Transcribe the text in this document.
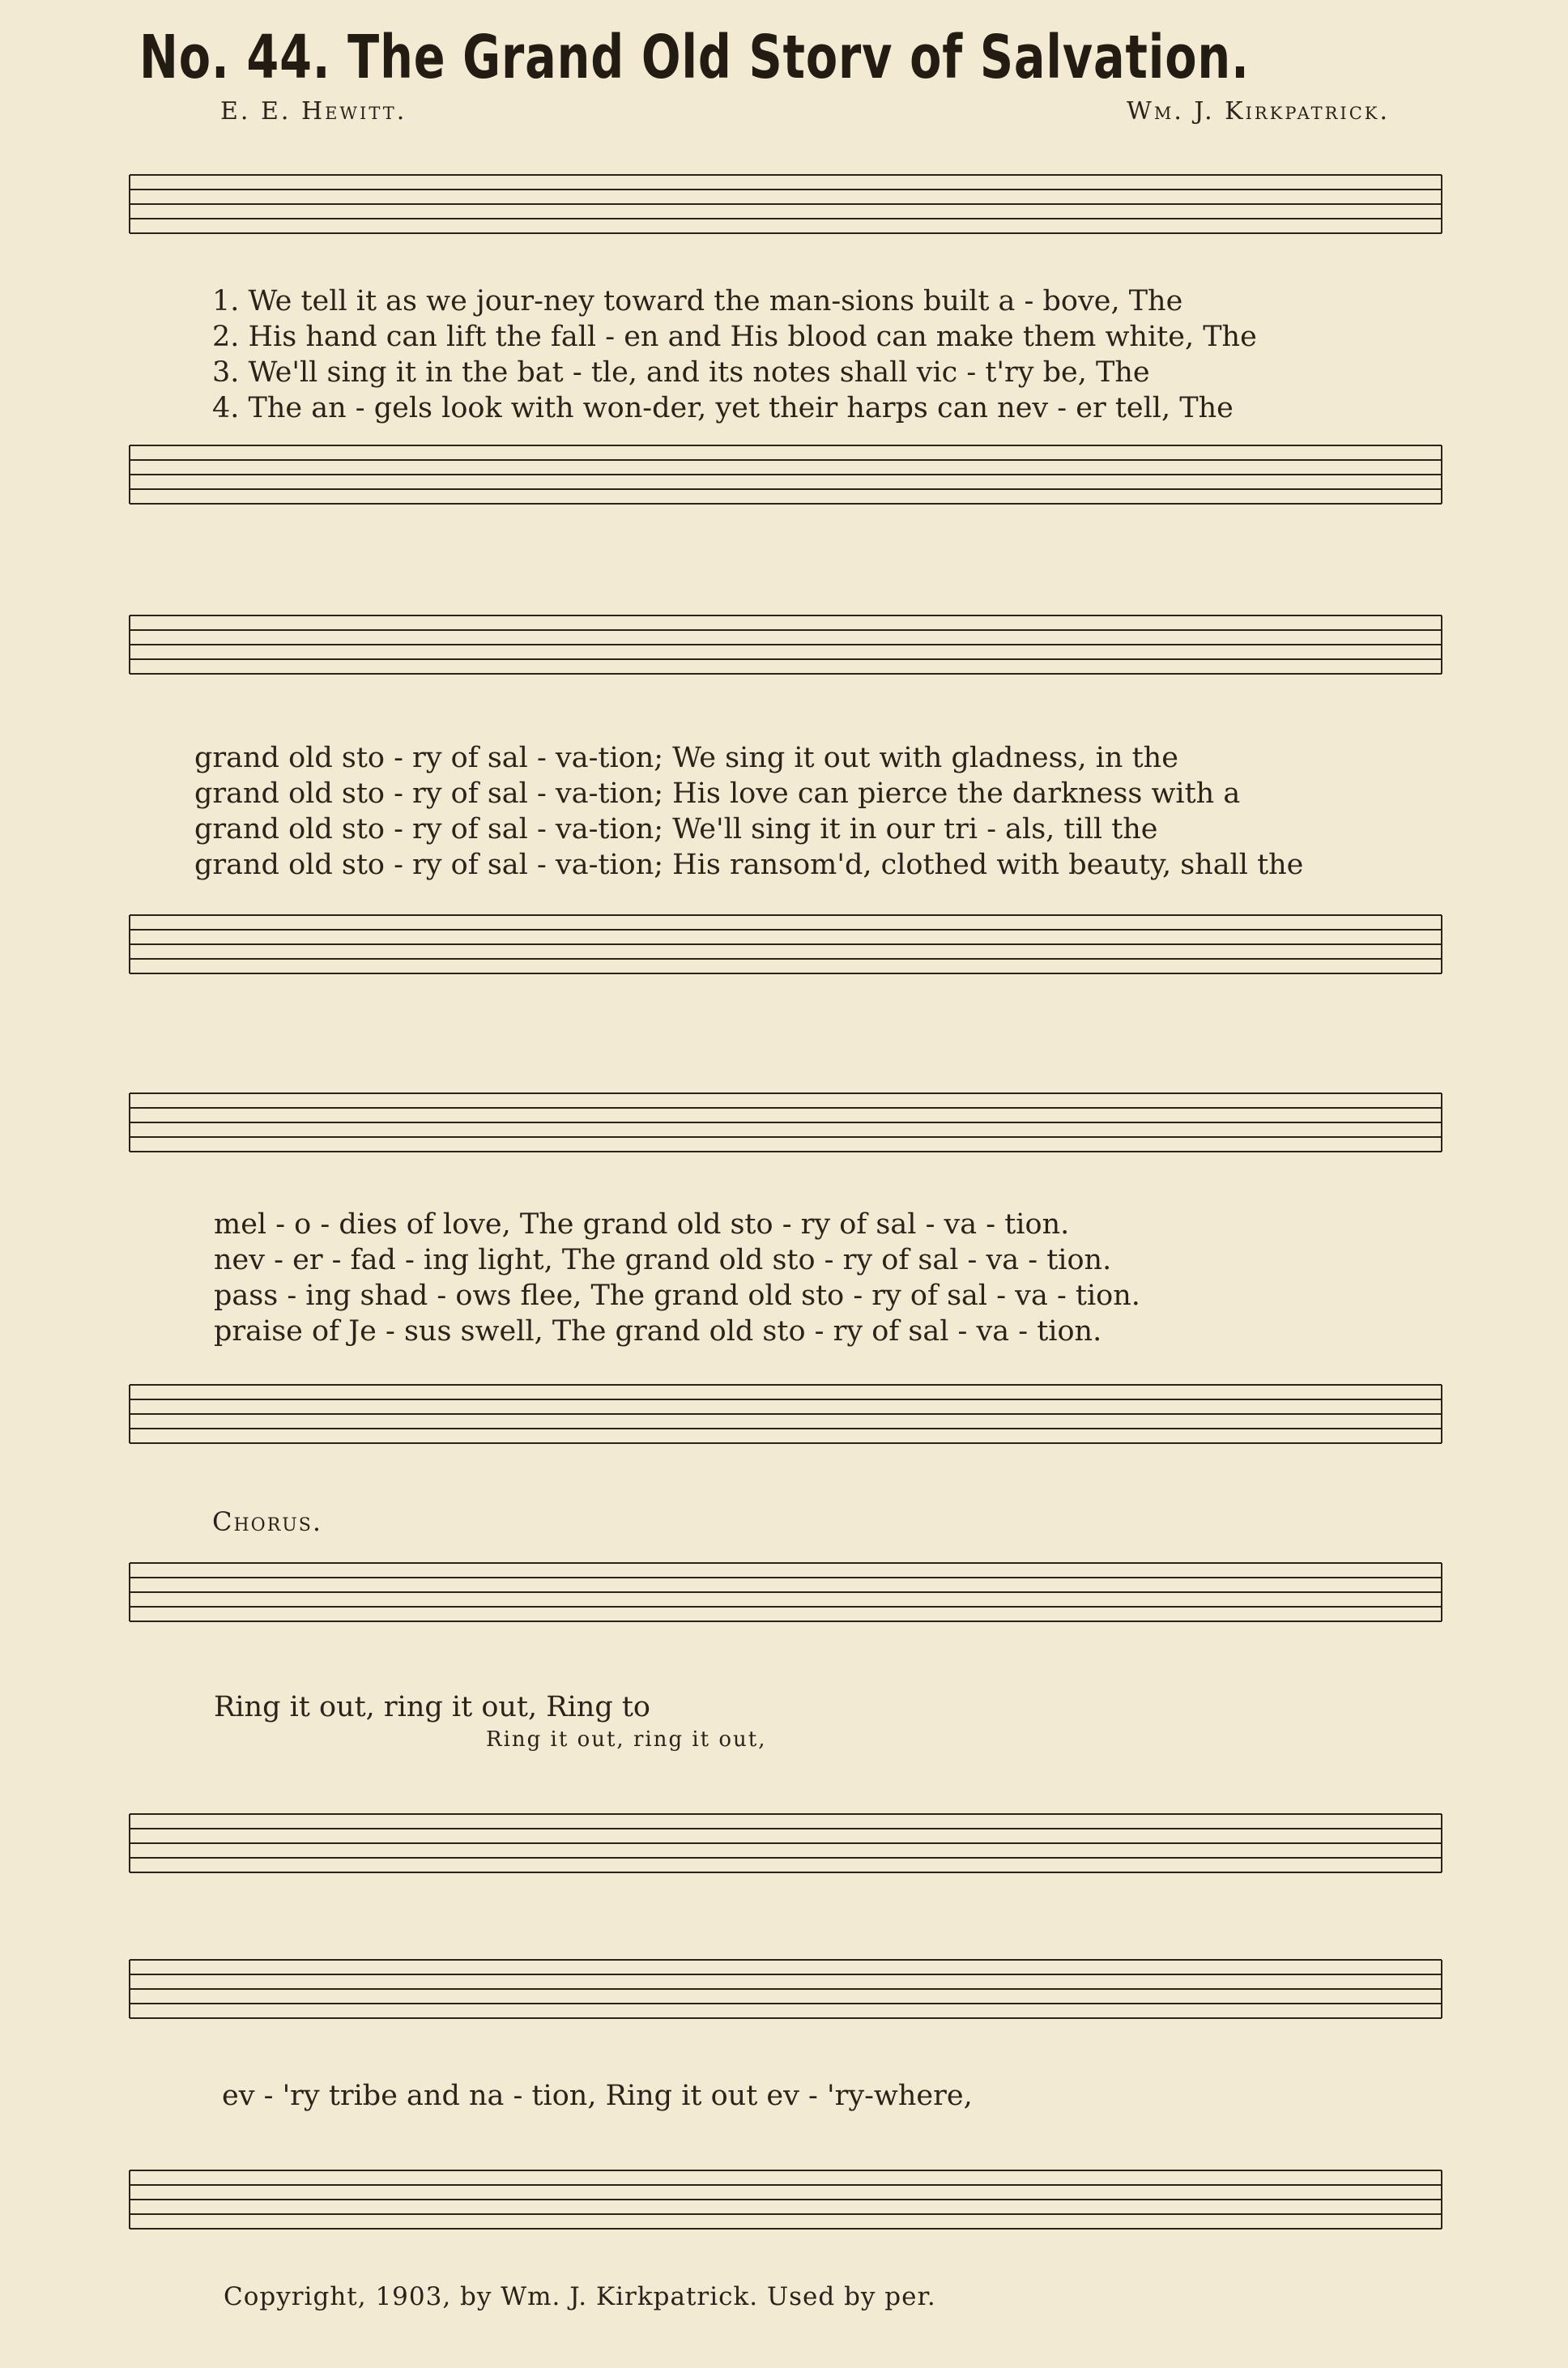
No. 44. The Grand Old Storv of Salvation.
E. E. Hewitt.	Wm. J. Kirkpatrick.
1. We tell it as we jour-ney toward the man-sions built a - bove, The
2. His hand can lift the fall - en and His blood can make them white, The
3. We'll sing it in the bat - tle, and its notes shall vic - t'ry be, The
4. The an - gels look with won-der, yet their harps can nev - er tell, The
grand old sto - ry of sal - va-tion; We sing it out with gladness, in the
grand old sto - ry of sal - va-tion; His love can pierce the darkness with a
grand old sto - ry of sal - va-tion; We'll sing it in our tri - als, till the
grand old sto - ry of sal - va-tion; His ransom'd, clothed with beauty, shall the
mel - o - dies of love, The grand old sto - ry of sal - va - tion.
nev - er - fad - ing light, The grand old sto - ry of sal - va - tion.
pass - ing shad - ows flee, The grand old sto - ry of sal - va - tion.
praise of Je - sus swell, The grand old sto - ry of sal - va - tion.
Chorus.
Ring it out, ring it out, Ring to
Ring it out, ring it out,
ev - 'ry tribe and na - tion, Ring it out ev - 'ry-where,
Copyright, 1903, by Wm. J. Kirkpatrick. Used by per.
